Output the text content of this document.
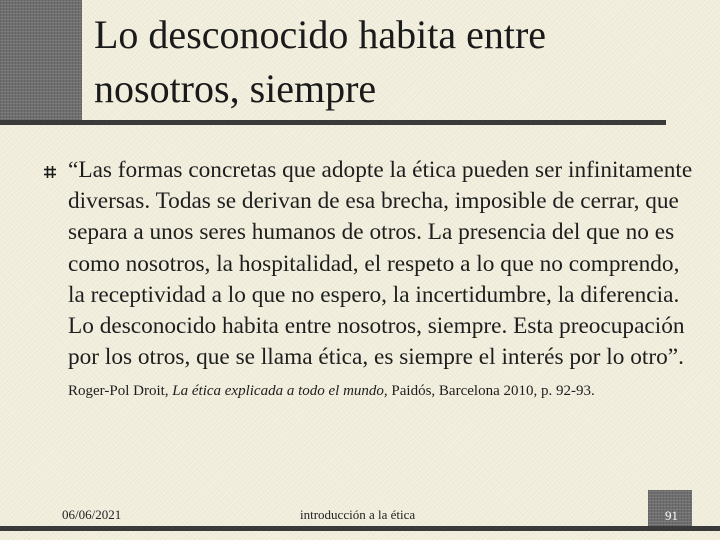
Lo desconocido habita entre nosotros, siempre

“Las formas concretas que adopte la ética pueden ser infinitamente diversas. Todas se derivan de esa brecha, imposible de cerrar, que separa a unos seres humanos de otros. La presencia del que no es como nosotros, la hospitalidad, el respeto a lo que no comprendo, la receptividad a lo que no espero, la incertidumbre, la diferencia. Lo desconocido habita entre nosotros, siempre. Esta preocupación por los otros, que se llama ética, es siempre el interés por lo otro”. Roger-Pol Droit, La ética explicada a todo el mundo, Paidós, Barcelona 2010, p. 92-93.

06/06/2021	introducción a la ética	91
